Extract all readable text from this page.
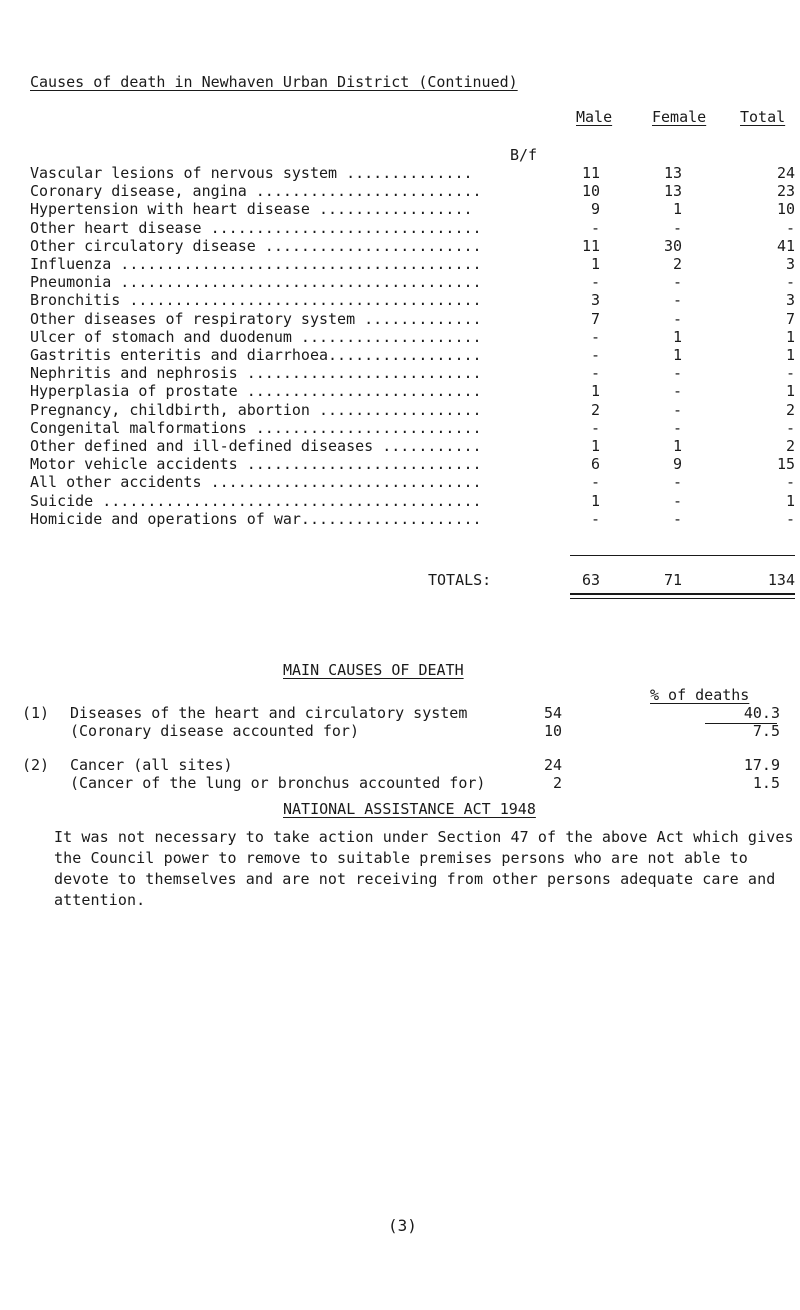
Causes of death in Newhaven Urban District (Continued)
Male	Female Total
B/f
Vascular lesions of nervous system ..............	11	13	24
Coronary disease, angina .........................	10	13	23
Hypertension with heart disease .................	9	1	10
Other heart disease ..............................	-	-	-
Other circulatory disease ........................	11	30	41
Influenza ........................................	1	2	3
Pneumonia ........................................	-	-	-
Bronchitis .......................................	3	-	3
Other diseases of respiratory system .............	7	-	7
Ulcer of stomach and duodenum ....................	-	1	1
Gastritis enteritis and diarrhoea.................	-	1	1
Nephritis and nephrosis ..........................	-	-	-
Hyperplasia of prostate ..........................	1	-	1
Pregnancy, childbirth, abortion ..................	2	-	2
Congenital malformations .........................	-	-	-
Other defined and ill-defined diseases ...........	1	1	2
Motor vehicle accidents ..........................	6	9	15
All other accidents ..............................	-	-	-
Suicide ..........................................	1	-	1
Homicide and operations of war....................	-	-	-
TOTALS:	63	71	134
MAIN CAUSES OF DEATH
% of deaths
(1) Diseases of the heart and circulatory system	54	40.3
(Coronary disease accounted for)	10	7.5
(2) Cancer (all sites)	24	17.9
(Cancer of the lung or bronchus accounted for)	2	1.5
NATIONAL ASSISTANCE ACT 1948
It was not necessary to take action under Section 47 of the above Act which gives the Council power to remove to suitable premises persons who are not able to devote to themselves and are not receiving from other persons adequate care and attention.
(3)
